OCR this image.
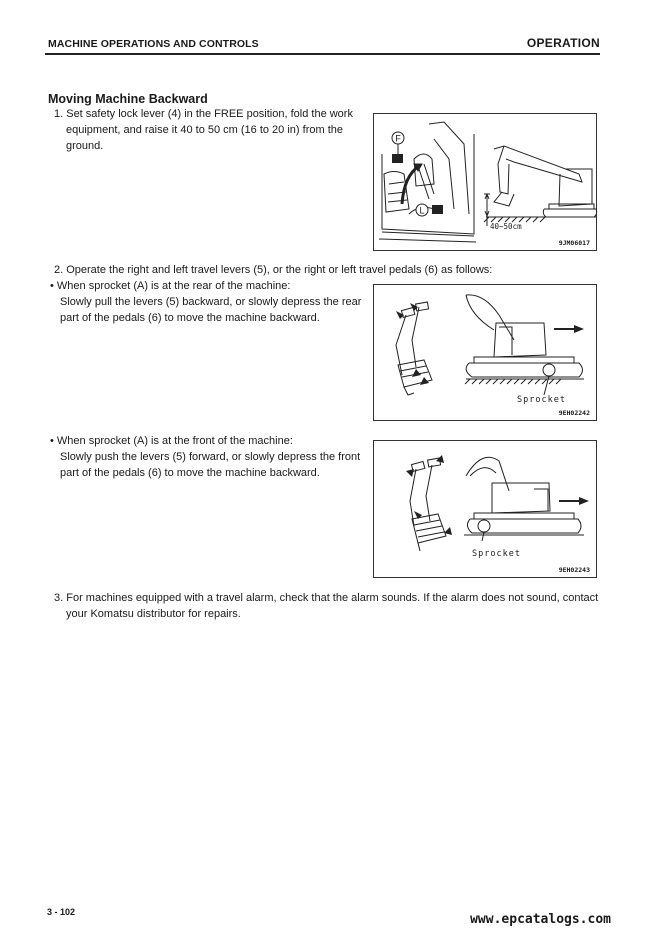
MACHINE OPERATIONS AND CONTROLS	OPERATION
Moving Machine Backward
1. Set safety lock lever (4) in the FREE position, fold the work
equipment, and raise it 40 to 50 cm (16 to 20 in) from the
ground.
F
L
40~50cm
9JM06017
2. Operate the right and left travel levers (5), or the right or left travel pedals (6) as follows:
• When sprocket (A) is at the rear of the machine:
Slowly pull the levers (5) backward, or slowly depress the rear
part of the pedals (6) to move the machine backward.
Sprocket
9EH02242
• When sprocket (A) is at the front of the machine:
Slowly push the levers (5) forward, or slowly depress the front
part of the pedals (6) to move the machine backward.
Sprocket
9EH02243
3. For machines equipped with a travel alarm, check that the alarm sounds. If the alarm does not sound, contact
your Komatsu distributor for repairs.
3 - 102	www.epcatalogs.com
